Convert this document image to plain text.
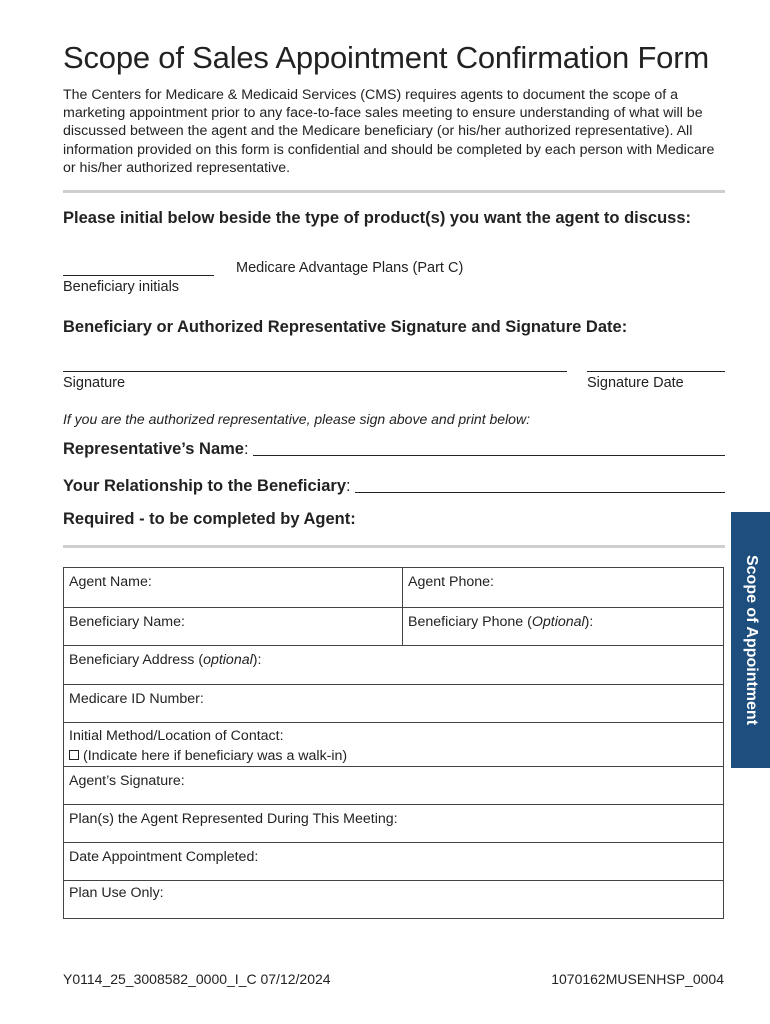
Scope of Sales Appointment Confirmation Form
The Centers for Medicare & Medicaid Services (CMS) requires agents to document the scope of a marketing appointment prior to any face-to-face sales meeting to ensure understanding of what will be discussed between the agent and the Medicare beneficiary (or his/her authorized representative). All information provided on this form is confidential and should be completed by each person with Medicare or his/her authorized representative.
Please initial below beside the type of product(s) you want the agent to discuss:
Medicare Advantage Plans (Part C)
Beneficiary initials
Beneficiary or Authorized Representative Signature and Signature Date:
Signature	Signature Date
If you are the authorized representative, please sign above and print below:
Representative’s Name :
Your Relationship to the Beneficiary :
Required - to be completed by Agent:
Agent Name:	Agent Phone:
Beneficiary Name:	Beneficiary Phone (Optional):
Beneficiary Address (optional):
Medicare ID Number:
Initial Method/Location of Contact:
(Indicate here if beneficiary was a walk-in)
Agent’s Signature:
Plan(s) the Agent Represented During This Meeting:
Date Appointment Completed:
Plan Use Only:
Scope of Appointment
Y0114_25_3008582_0000_I_C 07/12/2024	1070162MUSENHSP_0004
